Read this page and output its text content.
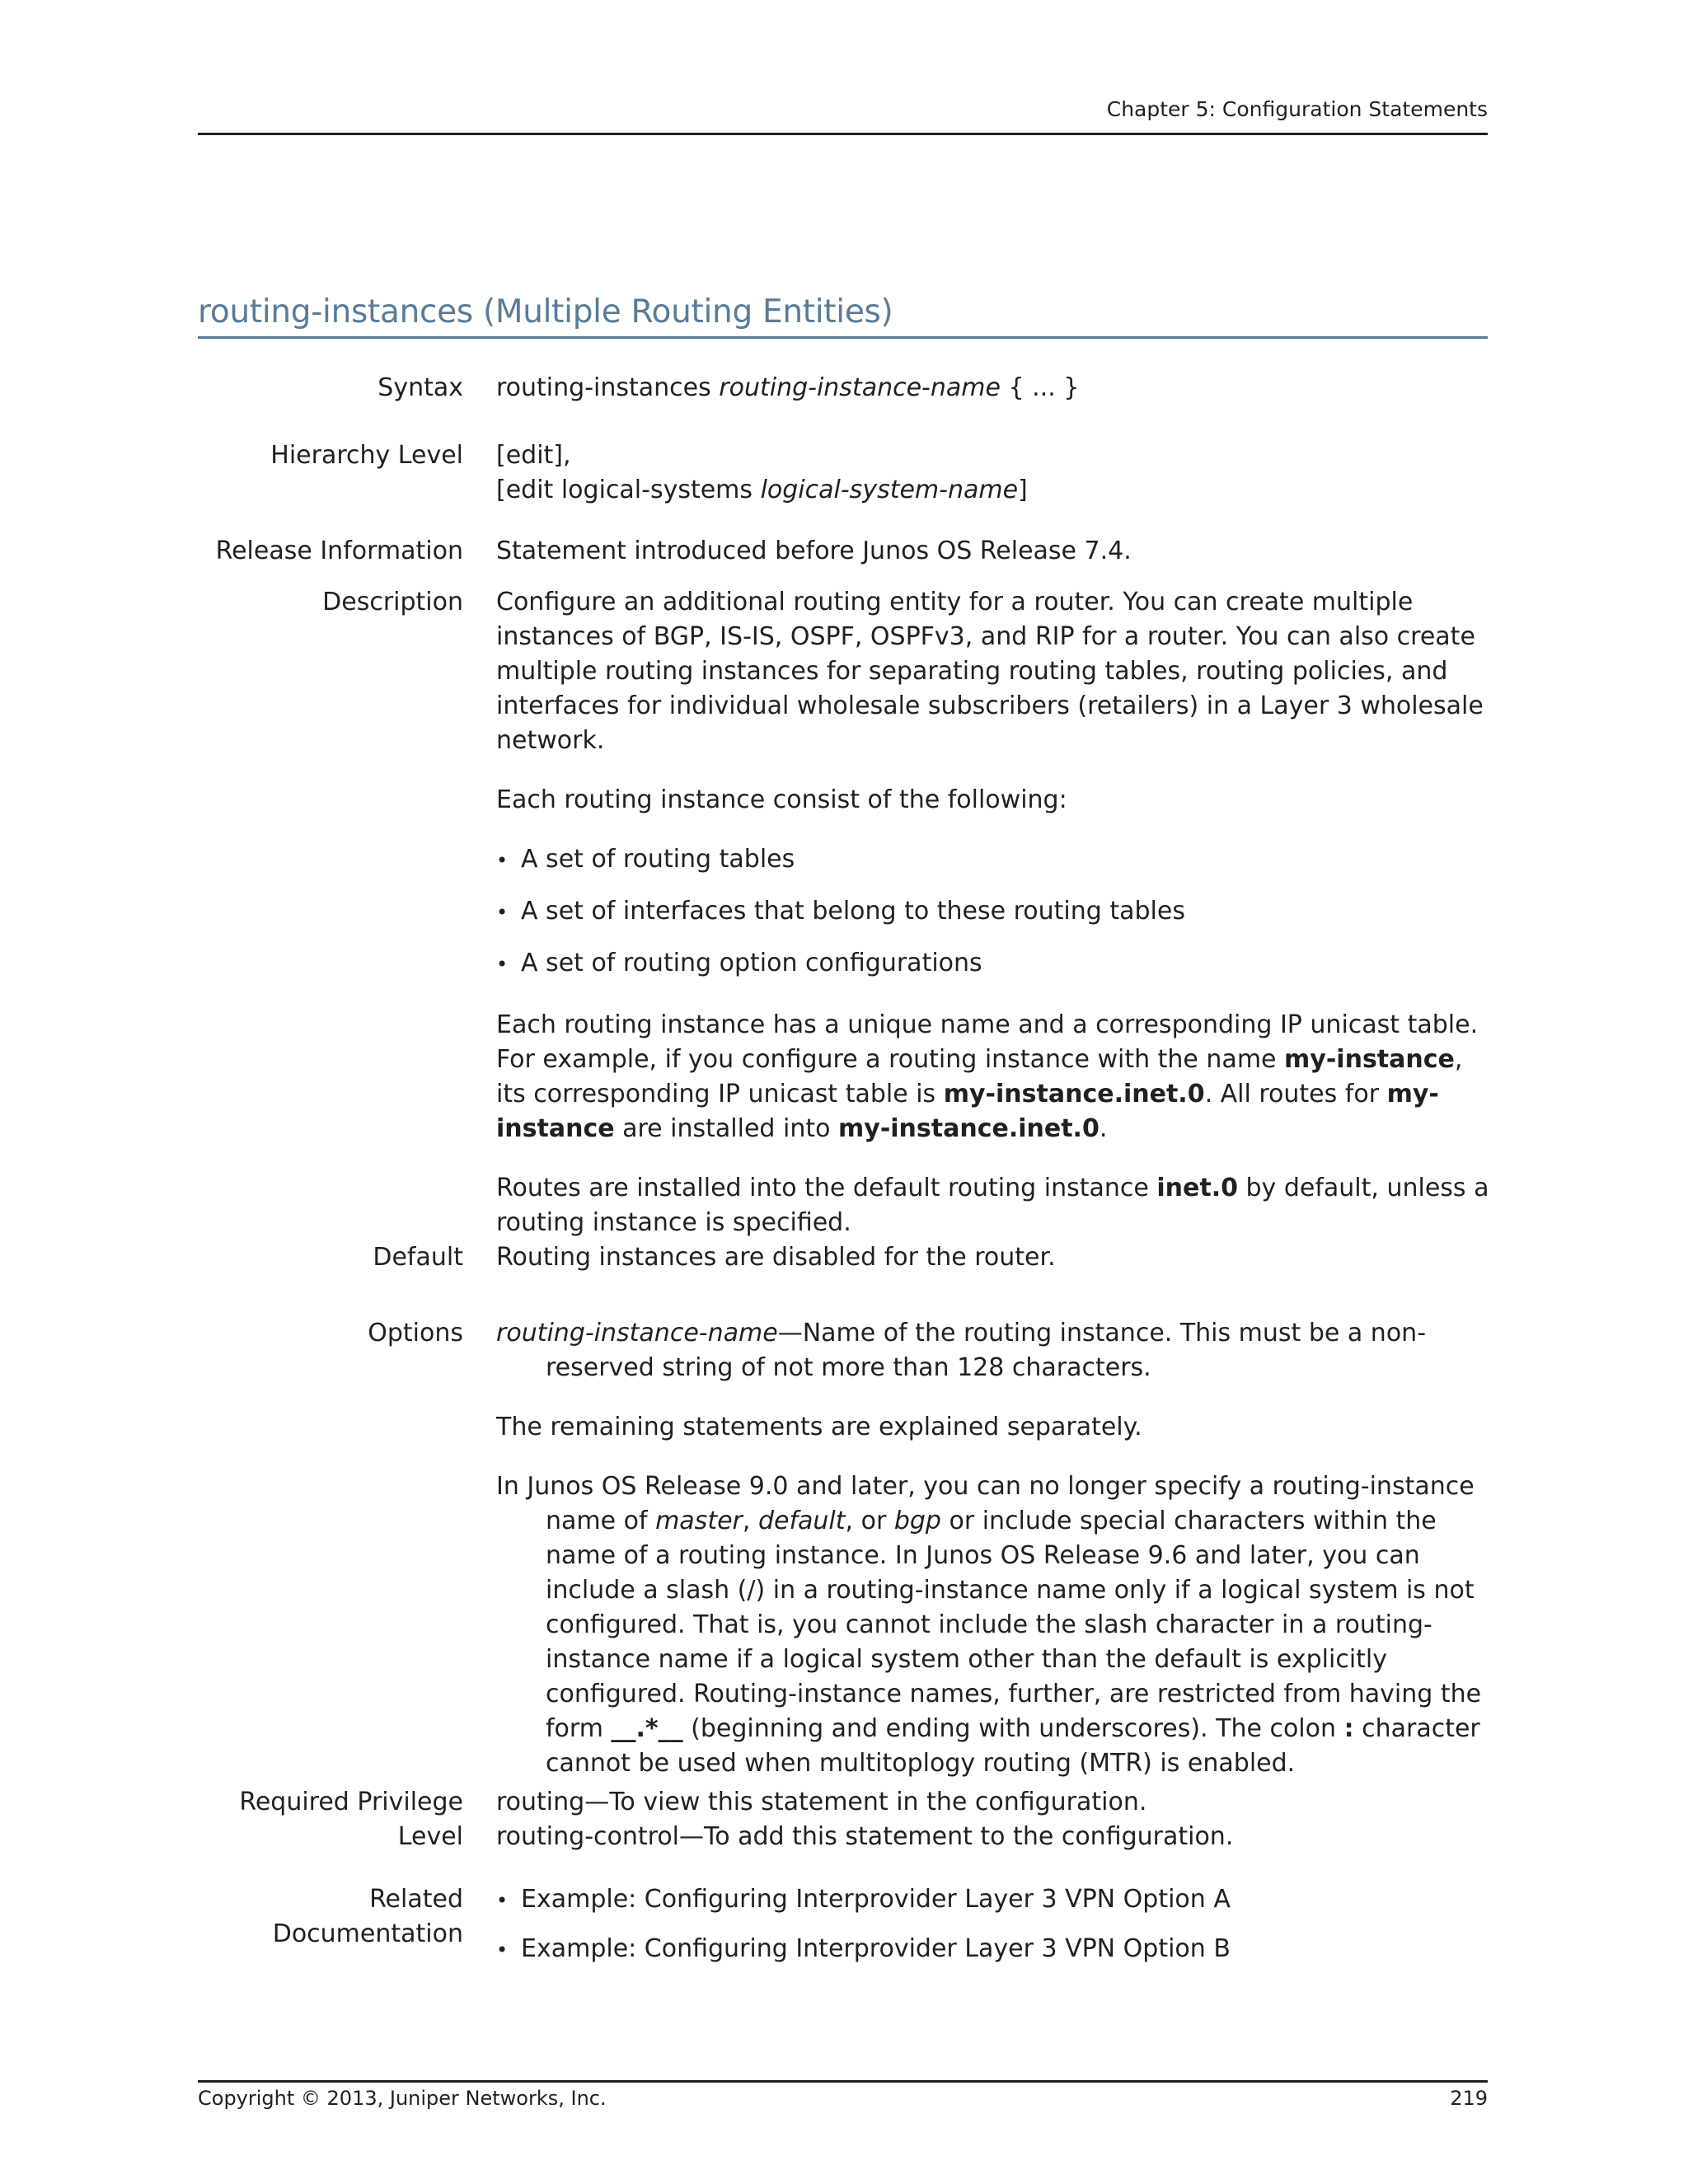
Chapter 5: Configuration Statements
routing-instances (Multiple Routing Entities)
Syntax routing-instances routing-instance-name { ... }

Hierarchy Level [edit],

[edit logical-systems logical-system-name]

Release Information Statement introduced before Junos OS Release 7.4.
Description Configure an additional routing entity for a router. You can create multiple instances of BGP, IS-IS, OSPF, OSPFv3, and RIP for a router. You can also create multiple routing instances for separating routing tables, routing policies, and interfaces for individual wholesale subscribers (retailers) in a Layer 3 wholesale network.

Each routing instance consist of the following:

• A set of routing tables
• A set of interfaces that belong to these routing tables
• A set of routing option configurations

Each routing instance has a unique name and a corresponding IP unicast table. For example, if you configure a routing instance with the name my-instance, its corresponding IP unicast table is my-instance.inet.0. All routes for my-instance are installed into my-instance.inet.0.

Routes are installed into the default routing instance inet.0 by default, unless a routing instance is specified.

Default Routing instances are disabled for the router.
Options routing-instance-name—Name of the routing instance. This must be a non-reserved string of not more than 128 characters.

The remaining statements are explained separately.

In Junos OS Release 9.0 and later, you can no longer specify a routing-instance name of master, default, or bgp or include special characters within the name of a routing instance. In Junos OS Release 9.6 and later, you can include a slash (/) in a routing-instance name only if a logical system is not configured. That is, you cannot include the slash character in a routing-instance name if a logical system other than the default is explicitly configured. Routing-instance names, further, are restricted from having the form __.*__ (beginning and ending with underscores). The colon : character cannot be used when multitoplogy routing (MTR) is enabled.

Required Privilege
Level

routing—To view this statement in the configuration.

routing-control—To add this statement to the configuration.

Related
Documentation
• Example: Configuring Interprovider Layer 3 VPN Option A
• Example: Configuring Interprovider Layer 3 VPN Option B
Copyright © 2013, Juniper Networks, Inc.	219
